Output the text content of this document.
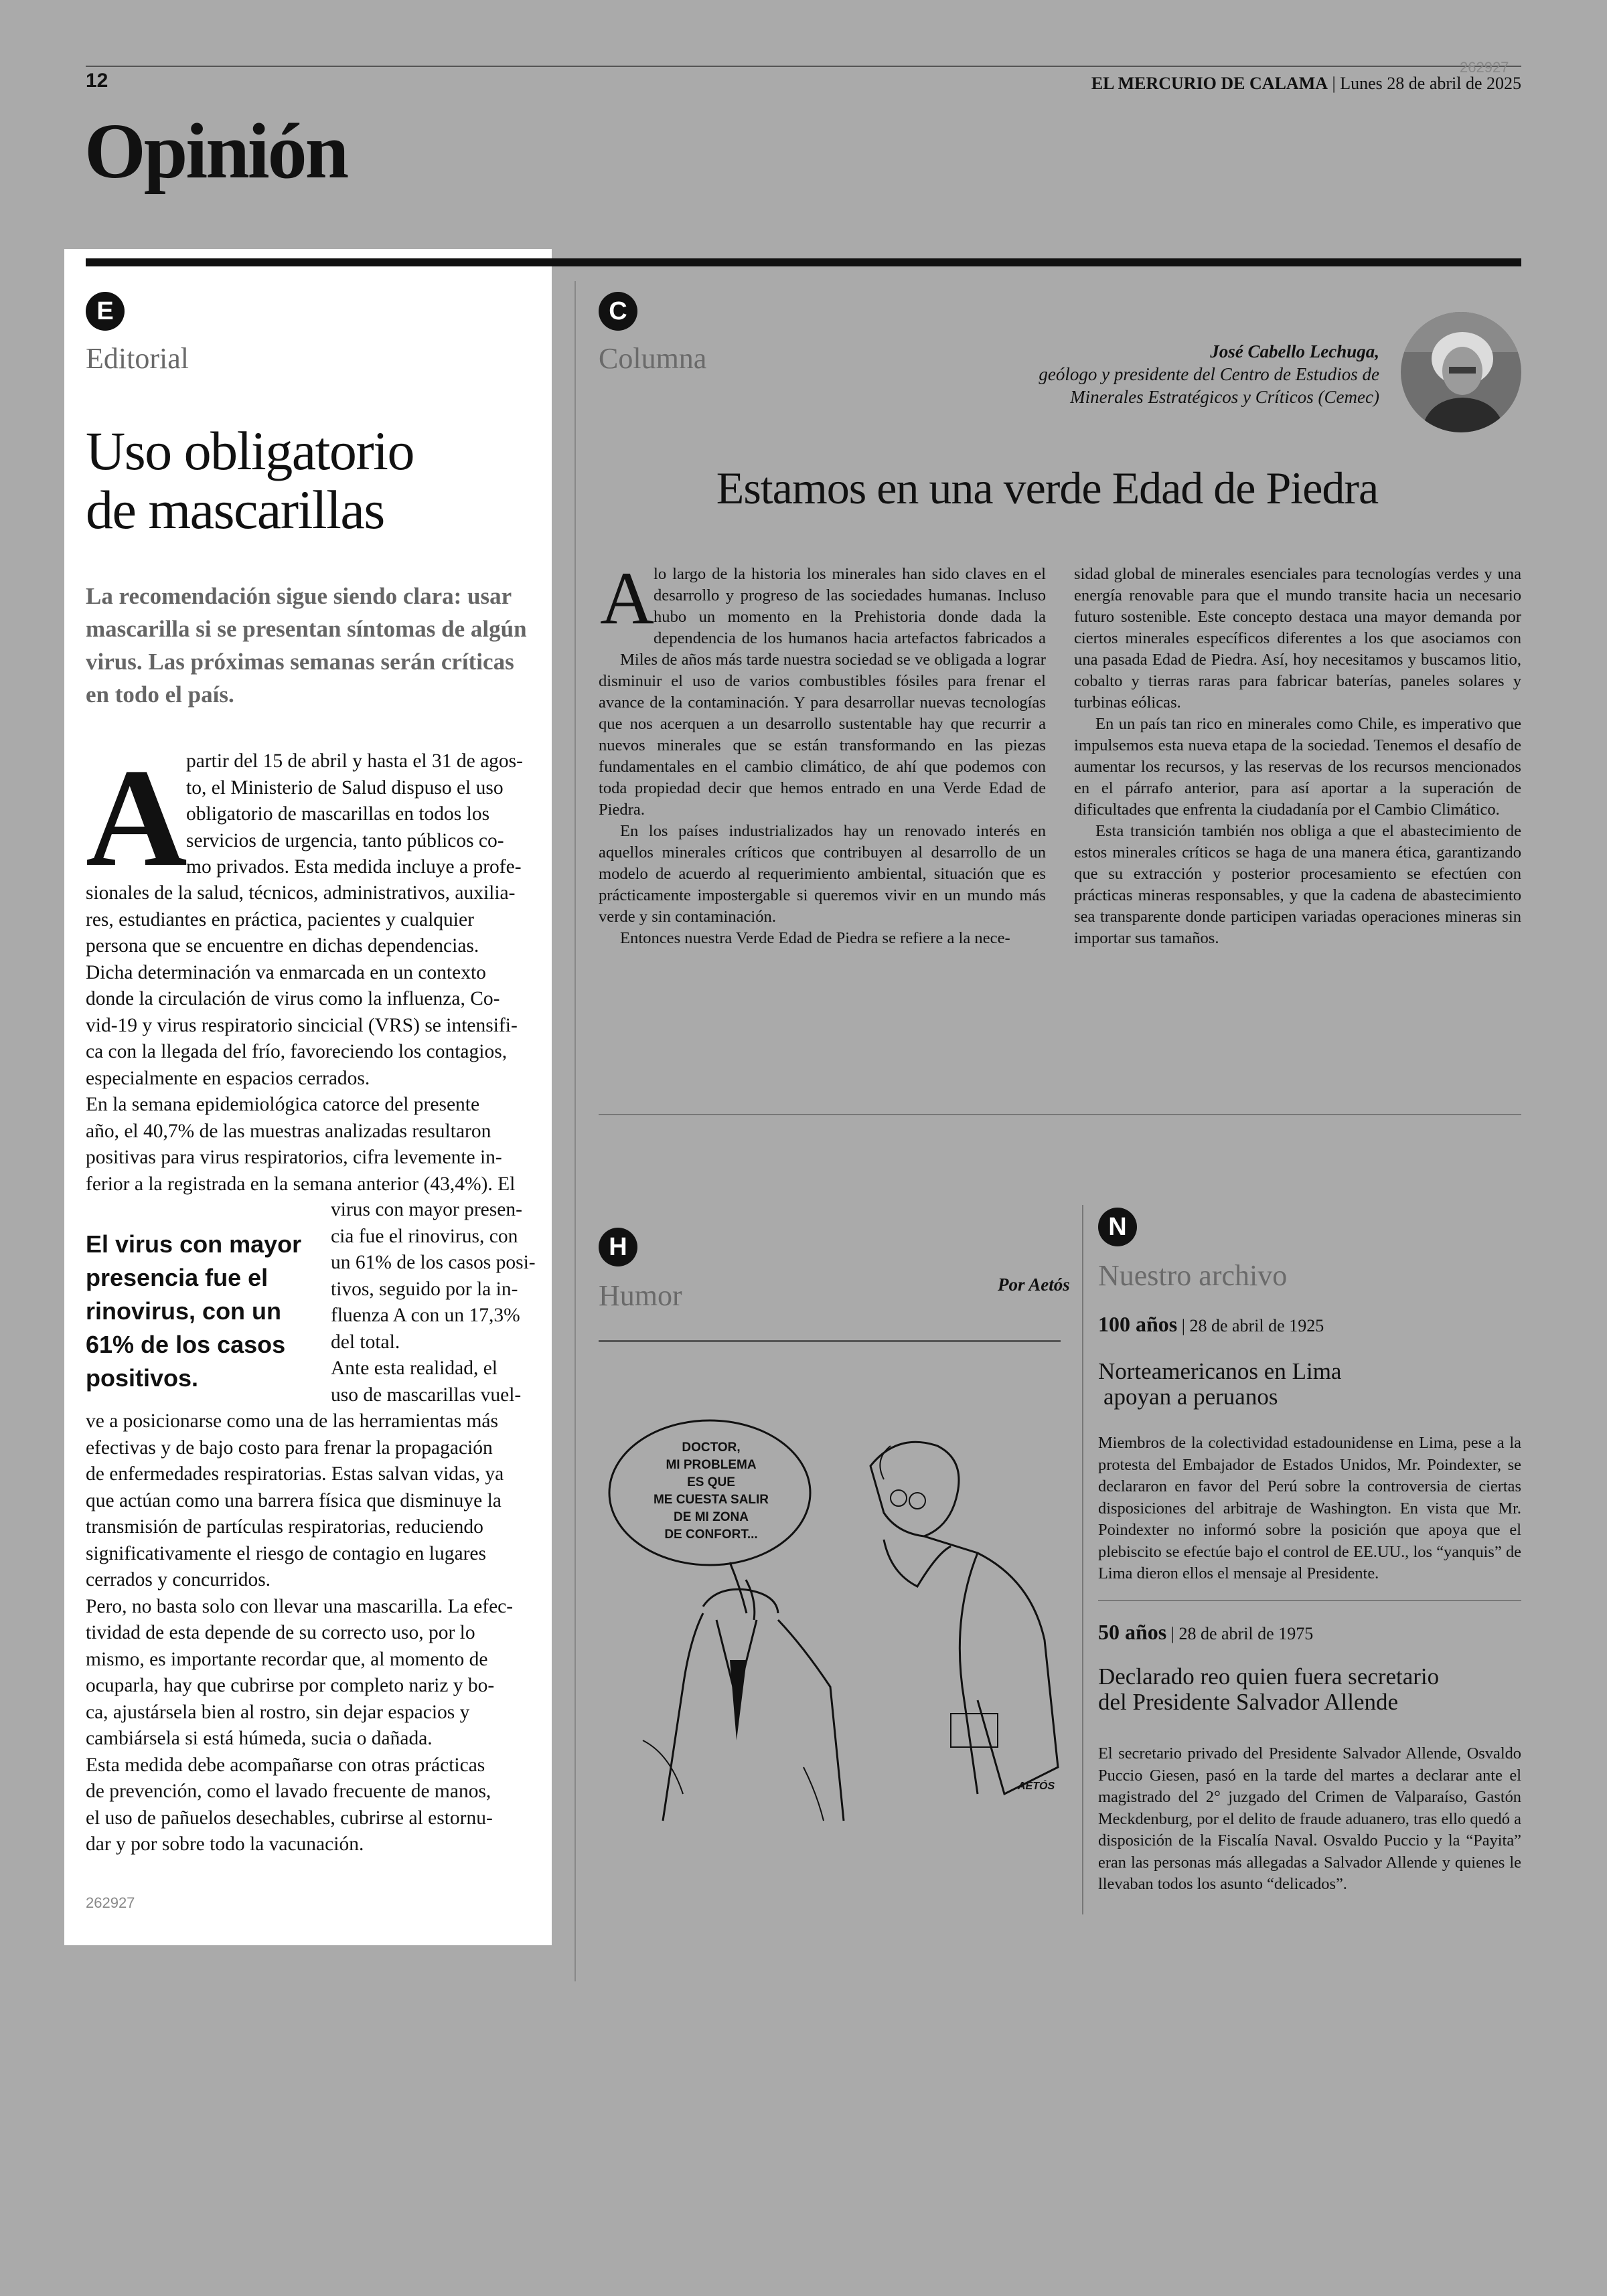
12
262927
EL MERCURIO DE CALAMA | Lunes 28 de abril de 2025
Opinión
E
Editorial
Uso obligatorio
de mascarillas
La recomendación sigue siendo clara: usar mascarilla si se presentan síntomas de algún virus. Las próximas semanas serán críticas en todo el país.
A
partir del 15 de abril y hasta el 31 de agos-
to, el Ministerio de Salud dispuso el uso
obligatorio de mascarillas en todos los
servicios de urgencia, tanto públicos co-
mo privados. Esta medida incluye a profe-
sionales de la salud, técnicos, administrativos, auxilia-
res, estudiantes en práctica, pacientes y cualquier
persona que se encuentre en dichas dependencias.
Dicha determinación va enmarcada en un contexto
donde la circulación de virus como la influenza, Co-
vid-19 y virus respiratorio sincicial (VRS) se intensifi-
ca con la llegada del frío, favoreciendo los contagios,
especialmente en espacios cerrados.
En la semana epidemiológica catorce del presente
año, el 40,7% de las muestras analizadas resultaron
positivas para virus respiratorios, cifra levemente in-
ferior a la registrada en la semana anterior (43,4%). El
El virus con mayor presencia fue el rinovirus, con un 61% de los casos positivos.
virus con mayor presen-
cia fue el rinovirus, con
un 61% de los casos posi-
tivos, seguido por la in-
fluenza A con un 17,3%
del total.
Ante esta realidad, el
uso de mascarillas vuel-
ve a posicionarse como una de las herramientas más
efectivas y de bajo costo para frenar la propagación
de enfermedades respiratorias. Estas salvan vidas, ya
que actúan como una barrera física que disminuye la
transmisión de partículas respiratorias, reduciendo
significativamente el riesgo de contagio en lugares
cerrados y concurridos.
Pero, no basta solo con llevar una mascarilla. La efec-
tividad de esta depende de su correcto uso, por lo
mismo, es importante recordar que, al momento de
ocuparla, hay que cubrirse por completo nariz y bo-
ca, ajustársela bien al rostro, sin dejar espacios y
cambiársela si está húmeda, sucia o dañada.
Esta medida debe acompañarse con otras prácticas
de prevención, como el lavado frecuente de manos,
el uso de pañuelos desechables, cubrirse al estornu-
dar y por sobre todo la vacunación.
262927
C
Columna	José Cabello Lechuga,
geólogo y presidente del Centro de Estudios de
Minerales Estratégicos y Críticos (Cemec)
Estamos en una verde Edad de Piedra
A lo largo de la historia los minerales han sido claves en el desarrollo y progreso de las sociedades humanas. Incluso hubo un momento en la Prehistoria donde dada la dependencia de los humanos hacia artefactos fabricados a

Miles de años más tarde nuestra sociedad se ve obligada a lograr disminuir el uso de varios combustibles fósiles para frenar el avance de la contaminación. Y para desarrollar nuevas tecnologías que nos acerquen a un desarrollo sustentable hay que recurrir a nuevos minerales que se están transformando en las piezas fundamentales en el cambio climático, de ahí que podemos con toda propiedad decir que hemos entrado en una Verde Edad de Piedra.

En los países industrializados hay un renovado interés en aquellos minerales críticos que contribuyen al desarrollo de un modelo de acuerdo al requerimiento ambiental, situación que es prácticamente impostergable si queremos vivir en un mundo más verde y sin contaminación.

Entonces nuestra Verde Edad de Piedra se refiere a la nece-

sidad global de minerales esenciales para tecnologías verdes y una energía renovable para que el mundo transite hacia un necesario futuro sostenible. Este concepto destaca una mayor demanda por ciertos minerales específicos diferentes a los que asociamos con una pasada Edad de Piedra. Así, hoy necesitamos y buscamos litio, cobalto y tierras raras para fabricar baterías, paneles solares y turbinas eólicas.

En un país tan rico en minerales como Chile, es imperativo que impulsemos esta nueva etapa de la sociedad. Tenemos el desafío de aumentar los recursos, y las reservas de los recursos mencionados en el párrafo anterior, para así aportar a la superación de dificultades que enfrenta la ciudadanía por el Cambio Climático.

Esta transición también nos obliga a que el abastecimiento de estos minerales críticos se haga de una manera ética, garantizando que su extracción y posterior procesamiento se efectúen con prácticas mineras responsables, y que la cadena de abastecimiento sea transparente donde participen variadas operaciones mineras sin importar sus tamaños.

H
Humor	Por Aetós
DOCTOR,
MI PROBLEMA
ES QUE
ME CUESTA SALIR
DE MI ZONA
DE CONFORT...
AETÓS
N
Nuestro archivo
100 años | 28 de abril de 1925
Norteamericanos en Lima
apoyan a peruanos
Miembros de la colectividad estadounidense en Lima, pese a la protesta del Embajador de Estados Unidos, Mr. Poindexter, se declararon en favor del Perú sobre la controversia de ciertas disposiciones del arbitraje de Washington. En vista que Mr. Poindexter no informó sobre la posición que apoya que el plebiscito se efectúe bajo el control de EE.UU., los “yanquis” de Lima dieron ellos el mensaje al Presidente.
50 años | 28 de abril de 1975
Declarado reo quien fuera secretario
del Presidente Salvador Allende
El secretario privado del Presidente Salvador Allende, Osvaldo Puccio Giesen, pasó en la tarde del martes a declarar ante el magistrado del 2° juzgado del Crimen de Valparaíso, Gastón Meckdenburg, por el delito de fraude aduanero, tras ello quedó a disposición de la Fiscalía Naval. Osvaldo Puccio y la “Payita” eran las personas más allegadas a Salvador Allende y quienes le llevaban todos los asunto “delicados”.
